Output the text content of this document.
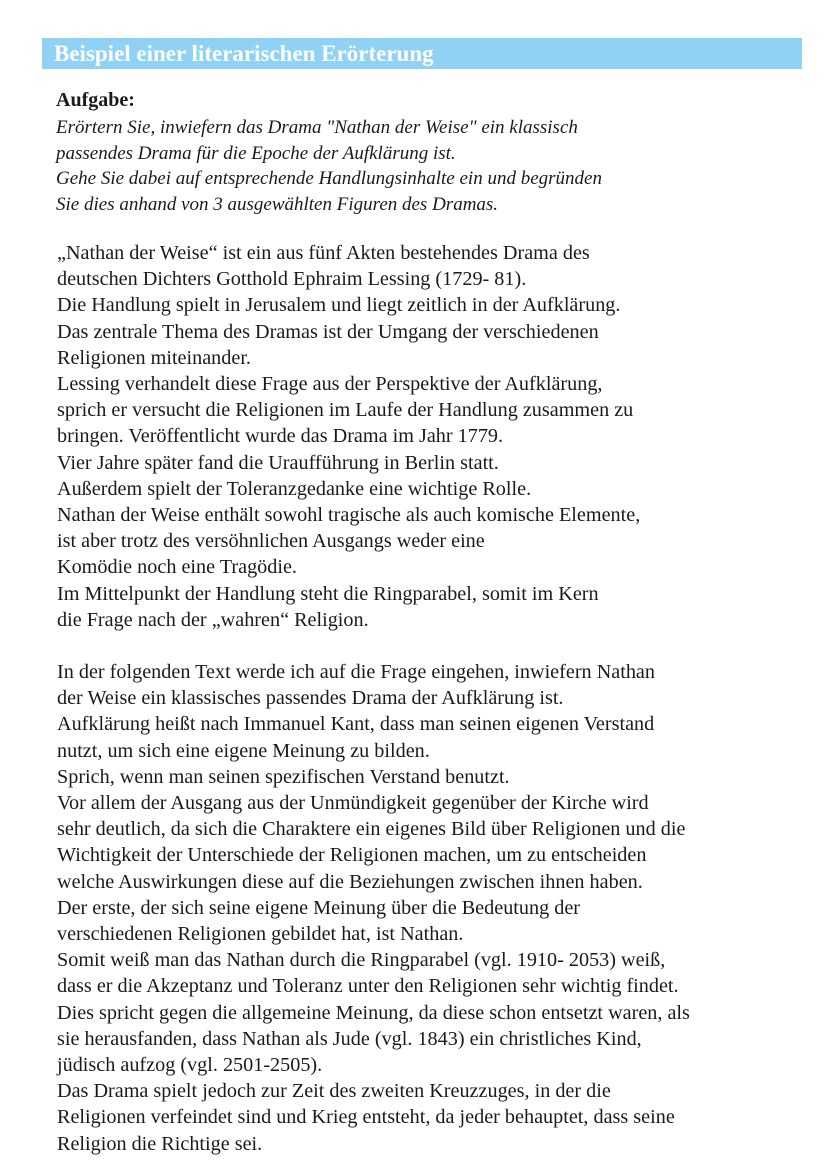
Beispiel einer literarischen Erörterung
Aufgabe:
Erörtern Sie, inwiefern das Drama "Nathan der Weise" ein klassisch
passendes Drama für die Epoche der Aufklärung ist.
Gehe Sie dabei auf entsprechende Handlungsinhalte ein und begründen
Sie dies anhand von 3 ausgewählten Figuren des Dramas.
„Nathan der Weise“ ist ein aus fünf Akten bestehendes Drama des
deutschen Dichters Gotthold Ephraim Lessing (1729- 81).
Die Handlung spielt in Jerusalem und liegt zeitlich in der Aufklärung.
Das zentrale Thema des Dramas ist der Umgang der verschiedenen
Religionen miteinander.
Lessing verhandelt diese Frage aus der Perspektive der Aufklärung,
sprich er versucht die Religionen im Laufe der Handlung zusammen zu
bringen. Veröffentlicht wurde das Drama im Jahr 1779.
Vier Jahre später fand die Uraufführung in Berlin statt.
Außerdem spielt der Toleranzgedanke eine wichtige Rolle.
Nathan der Weise enthält sowohl tragische als auch komische Elemente,
ist aber trotz des versöhnlichen Ausgangs weder eine
Komödie noch eine Tragödie.
Im Mittelpunkt der Handlung steht die Ringparabel, somit im Kern
die Frage nach der „wahren“ Religion.
In der folgenden Text werde ich auf die Frage eingehen, inwiefern Nathan
der Weise ein klassisches passendes Drama der Aufklärung ist.
Aufklärung heißt nach Immanuel Kant, dass man seinen eigenen Verstand
nutzt, um sich eine eigene Meinung zu bilden.
Sprich, wenn man seinen spezifischen Verstand benutzt.
Vor allem der Ausgang aus der Unmündigkeit gegenüber der Kirche wird
sehr deutlich, da sich die Charaktere ein eigenes Bild über Religionen und die
Wichtigkeit der Unterschiede der Religionen machen, um zu entscheiden
welche Auswirkungen diese auf die Beziehungen zwischen ihnen haben.
Der erste, der sich seine eigene Meinung über die Bedeutung der
verschiedenen Religionen gebildet hat, ist Nathan.
Somit weiß man das Nathan durch die Ringparabel (vgl. 1910- 2053) weiß,
dass er die Akzeptanz und Toleranz unter den Religionen sehr wichtig findet.
Dies spricht gegen die allgemeine Meinung, da diese schon entsetzt waren, als
sie herausfanden, dass Nathan als Jude (vgl. 1843) ein christliches Kind,
jüdisch aufzog (vgl. 2501-2505).
Das Drama spielt jedoch zur Zeit des zweiten Kreuzzuges, in der die
Religionen verfeindet sind und Krieg entsteht, da jeder behauptet, dass seine
Religion die Richtige sei.
